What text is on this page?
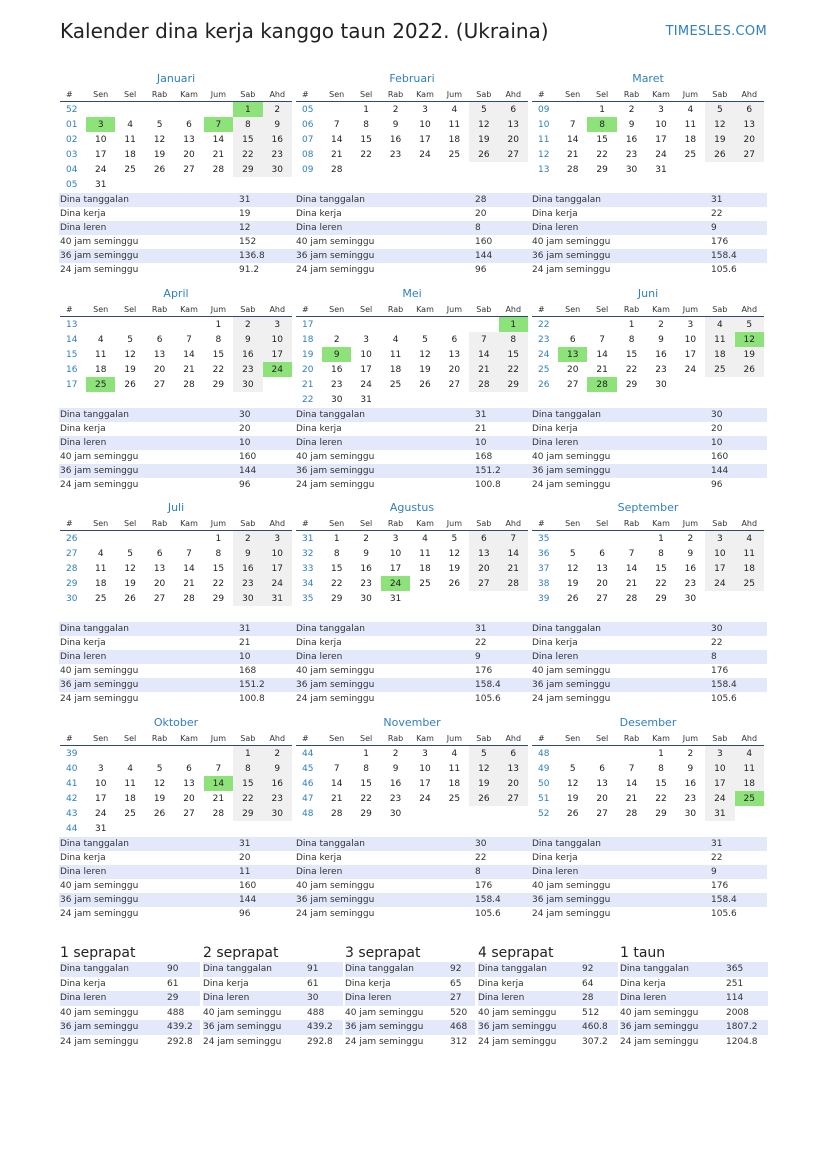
Kalender dina kerja kanggo taun 2022. (Ukraina)	TIMESLES.COM
Januari
#	Sen	Sel	Rab	Kam	Jum	Sab	Ahd
52						1	2
01	3	4	5	6	7	8	9
02	10	11	12	13	14	15	16
03	17	18	19	20	21	22	23
04	24	25	26	27	28	29	30
05	31						
Dina tanggalan	31
Dina kerja	19
Dina leren	12
40 jam seminggu	152
36 jam seminggu	136.8
24 jam seminggu	91.2
Februari
#	Sen	Sel	Rab	Kam	Jum	Sab	Ahd
05		1	2	3	4	5	6
06	7	8	9	10	11	12	13
07	14	15	16	17	18	19	20
08	21	22	23	24	25	26	27
09	28						
Dina tanggalan	28
Dina kerja	20
Dina leren	8
40 jam seminggu	160
36 jam seminggu	144
24 jam seminggu	96
Maret
#	Sen	Sel	Rab	Kam	Jum	Sab	Ahd
09		1	2	3	4	5	6
10	7	8	9	10	11	12	13
11	14	15	16	17	18	19	20
12	21	22	23	24	25	26	27
13	28	29	30	31			
Dina tanggalan	31
Dina kerja	22
Dina leren	9
40 jam seminggu	176
36 jam seminggu	158.4
24 jam seminggu	105.6
April
#	Sen	Sel	Rab	Kam	Jum	Sab	Ahd
13					1	2	3
14	4	5	6	7	8	9	10
15	11	12	13	14	15	16	17
16	18	19	20	21	22	23	24
17	25	26	27	28	29	30	
Dina tanggalan	30
Dina kerja	20
Dina leren	10
40 jam seminggu	160
36 jam seminggu	144
24 jam seminggu	96
Mei
#	Sen	Sel	Rab	Kam	Jum	Sab	Ahd
17							1
18	2	3	4	5	6	7	8
19	9	10	11	12	13	14	15
20	16	17	18	19	20	21	22
21	23	24	25	26	27	28	29
22	30	31					
Dina tanggalan	31
Dina kerja	21
Dina leren	10
40 jam seminggu	168
36 jam seminggu	151.2
24 jam seminggu	100.8
Juni
#	Sen	Sel	Rab	Kam	Jum	Sab	Ahd
22			1	2	3	4	5
23	6	7	8	9	10	11	12
24	13	14	15	16	17	18	19
25	20	21	22	23	24	25	26
26	27	28	29	30			
Dina tanggalan	30
Dina kerja	20
Dina leren	10
40 jam seminggu	160
36 jam seminggu	144
24 jam seminggu	96
Juli
#	Sen	Sel	Rab	Kam	Jum	Sab	Ahd
26					1	2	3
27	4	5	6	7	8	9	10
28	11	12	13	14	15	16	17
29	18	19	20	21	22	23	24
30	25	26	27	28	29	30	31
Dina tanggalan	31
Dina kerja	21
Dina leren	10
40 jam seminggu	168
36 jam seminggu	151.2
24 jam seminggu	100.8
Agustus
#	Sen	Sel	Rab	Kam	Jum	Sab	Ahd
31	1	2	3	4	5	6	7
32	8	9	10	11	12	13	14
33	15	16	17	18	19	20	21
34	22	23	24	25	26	27	28
35	29	30	31				
Dina tanggalan	31
Dina kerja	22
Dina leren	9
40 jam seminggu	176
36 jam seminggu	158.4
24 jam seminggu	105.6
September
#	Sen	Sel	Rab	Kam	Jum	Sab	Ahd
35				1	2	3	4
36	5	6	7	8	9	10	11
37	12	13	14	15	16	17	18
38	19	20	21	22	23	24	25
39	26	27	28	29	30		
Dina tanggalan	30
Dina kerja	22
Dina leren	8
40 jam seminggu	176
36 jam seminggu	158.4
24 jam seminggu	105.6
Oktober
#	Sen	Sel	Rab	Kam	Jum	Sab	Ahd
39						1	2
40	3	4	5	6	7	8	9
41	10	11	12	13	14	15	16
42	17	18	19	20	21	22	23
43	24	25	26	27	28	29	30
44	31						
Dina tanggalan	31
Dina kerja	20
Dina leren	11
40 jam seminggu	160
36 jam seminggu	144
24 jam seminggu	96
November
#	Sen	Sel	Rab	Kam	Jum	Sab	Ahd
44		1	2	3	4	5	6
45	7	8	9	10	11	12	13
46	14	15	16	17	18	19	20
47	21	22	23	24	25	26	27
48	28	29	30				
Dina tanggalan	30
Dina kerja	22
Dina leren	8
40 jam seminggu	176
36 jam seminggu	158.4
24 jam seminggu	105.6
Desember
#	Sen	Sel	Rab	Kam	Jum	Sab	Ahd
48				1	2	3	4
49	5	6	7	8	9	10	11
50	12	13	14	15	16	17	18
51	19	20	21	22	23	24	25
52	26	27	28	29	30	31	
Dina tanggalan	31
Dina kerja	22
Dina leren	9
40 jam seminggu	176
36 jam seminggu	158.4
24 jam seminggu	105.6
1 seprapat
Dina tanggalan	90
Dina kerja	61
Dina leren	29
40 jam seminggu	488
36 jam seminggu	439.2
24 jam seminggu	292.8
2 seprapat
Dina tanggalan	91
Dina kerja	61
Dina leren	30
40 jam seminggu	488
36 jam seminggu	439.2
24 jam seminggu	292.8
3 seprapat
Dina tanggalan	92
Dina kerja	65
Dina leren	27
40 jam seminggu	520
36 jam seminggu	468
24 jam seminggu	312
4 seprapat
Dina tanggalan	92
Dina kerja	64
Dina leren	28
40 jam seminggu	512
36 jam seminggu	460.8
24 jam seminggu	307.2
1 taun
Dina tanggalan	365
Dina kerja	251
Dina leren	114
40 jam seminggu	2008
36 jam seminggu	1807.2
24 jam seminggu	1204.8
